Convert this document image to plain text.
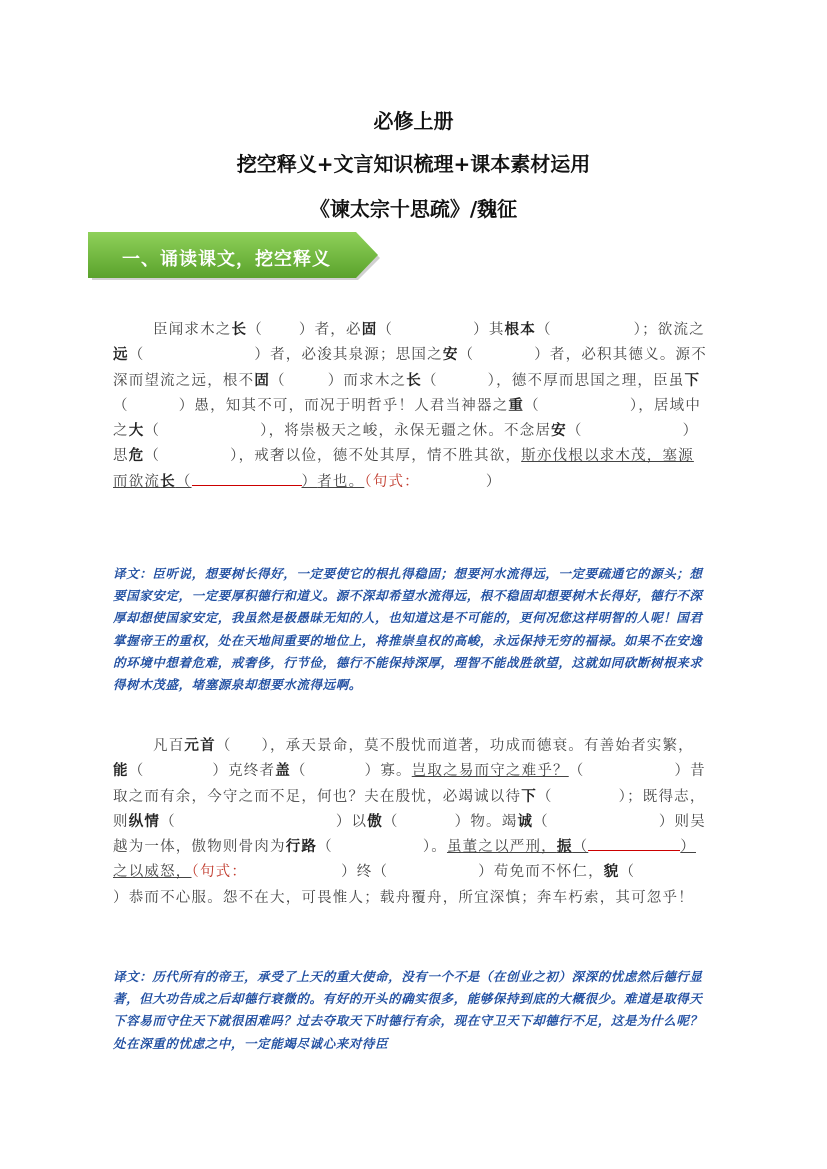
必修上册
挖空释义+文言知识梳理+课本素材运用
《谏太宗十思疏》/魏征
一、诵读课文，挖空释义
臣闻求木之长（ ）者，必固（	）其根本（	）；欲流之远（	）者，必浚其泉源；思国之安（	）者，必积其德义。源不深而望流之远，根不固（	）而求木之长（	），德不厚而思国之理，臣虽下（	）愚，知其不可，而况于明哲乎！人君当神器之重（	），居域中之大（	），将崇极天之峻，永保无疆之休。不念居安（	）思危（	），戒奢以俭，德不处其厚，情不胜其欲，斯亦伐根以求木茂，塞源而欲流长（	）者也。（句式：	）
译文：臣听说，想要树长得好，一定要使它的根扎得稳固；想要河水流得远，一定要疏通它的源头；想要国家安定，一定要厚积德行和道义。源不深却希望水流得远，根不稳固却想要树木长得好，德行不深厚却想使国家安定，我虽然是极愚昧无知的人，也知道这是不可能的，更何况您这样明智的人呢！国君掌握帝王的重权，处在天地间重要的地位上，将推崇皇权的高峻，永远保持无穷的福禄。如果不在安逸的环境中想着危难，戒奢侈，行节俭，德行不能保持深厚，理智不能战胜欲望，这就如同砍断树根来求得树木茂盛，堵塞源泉却想要水流得远啊。
凡百元首（ ），承天景命，莫不殷忧而道著，功成而德衰。有善始者实繁，能（	）克终者盖（	）寡。岂取之易而守之难乎？（	）昔取之而有余，今守之而不足，何也？夫在殷忧，必竭诚以待下（	）；既得志，则纵情（	）以傲（	）物。竭诚（	）则吴越为一体，傲物则骨肉为行路（	）。虽董之以严刑，振（	）之以威怒，（句式：	）终（	）苟免而不怀仁，貌（）恭而不心服。怨不在大，可畏惟人；载舟覆舟，所宜深慎；奔车朽索，其可忽乎！
译文：历代所有的帝王，承受了上天的重大使命，没有一个不是（在创业之初）深深的忧虑然后德行显著，但大功告成之后却德行衰微的。有好的开头的确实很多，能够保持到底的大概很少。难道是取得天下容易而守住天下就很困难吗？过去夺取天下时德行有余，现在守卫天下却德行不足，这是为什么呢？处在深重的忧虑之中，一定能竭尽诚心来对待臣
